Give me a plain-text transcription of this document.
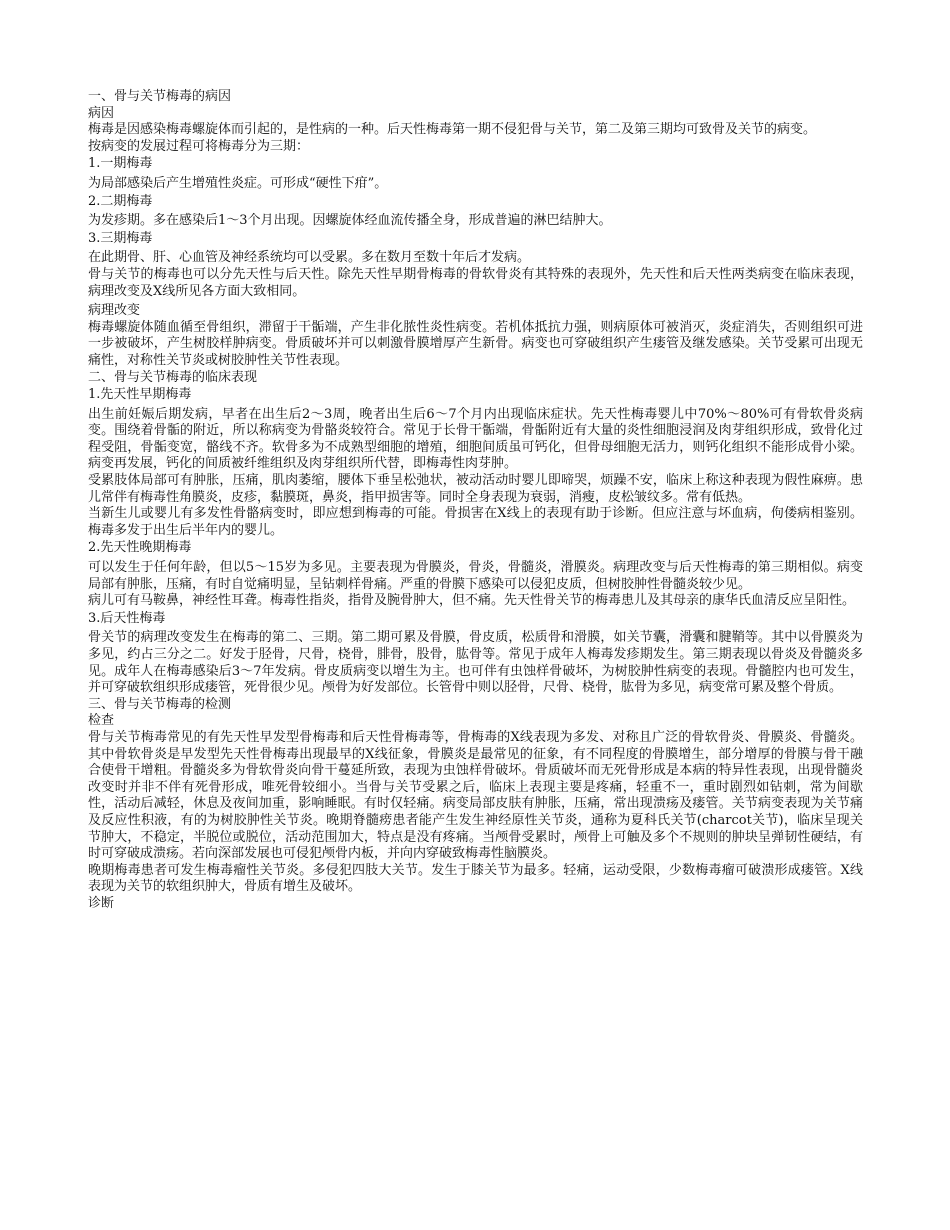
一、骨与关节梅毒的病因

病因

梅毒是因感染梅毒螺旋体而引起的，是性病的一种。后天性梅毒第一期不侵犯骨与关节，第二及第三期均可致骨及关节的病变。

按病变的发展过程可将梅毒分为三期：

1.一期梅毒

为局部感染后产生增殖性炎症。可形成“硬性下疳”。

2.二期梅毒

为发疹期。多在感染后1～3个月出现。因螺旋体经血流传播全身，形成普遍的淋巴结肿大。

3.三期梅毒

在此期骨、肝、心血管及神经系统均可以受累。多在数月至数十年后才发病。

骨与关节的梅毒也可以分先天性与后天性。除先天性早期骨梅毒的骨软骨炎有其特殊的表现外，先天性和后天性两类病变在临床表现，病理改变及X线所见各方面大致相同。

病理改变

梅毒螺旋体随血循至骨组织，滞留于干骺端，产生非化脓性炎性病变。若机体抵抗力强，则病原体可被消灭，炎症消失，否则组织可进一步被破坏，产生树胶样肿病变。骨质破坏并可以刺激骨膜增厚产生新骨。病变也可穿破组织产生瘘管及继发感染。关节受累可出现无痛性，对称性关节炎或树胶肿性关节性表现。

二、骨与关节梅毒的临床表现

1.先天性早期梅毒

出生前妊娠后期发病，早者在出生后2～3周，晚者出生后6～7个月内出现临床症状。先天性梅毒婴儿中70%～80%可有骨软骨炎病变。围绕着骨骺的附近，所以称病变为骨骼炎较符合。常见于长骨干骺端，骨骺附近有大量的炎性细胞浸润及肉芽组织形成，致骨化过程受阻，骨骺变宽，骼线不齐。软骨多为不成熟型细胞的增殖，细胞间质虽可钙化，但骨母细胞无活力，则钙化组织不能形成骨小梁。病变再发展，钙化的间质被纤维组织及肉芽组织所代替，即梅毒性肉芽肿。

受累肢体局部可有肿胀，压痛，肌肉萎缩，腰体下垂呈松弛状，被动活动时婴儿即啼哭，烦躁不安，临床上称这种表现为假性麻痹。患儿常伴有梅毒性角膜炎，皮疹，黏膜斑，鼻炎，指甲损害等。同时全身表现为衰弱，消瘦，皮松皱纹多。常有低热。

当新生儿或婴儿有多发性骨骼病变时，即应想到梅毒的可能。骨损害在X线上的表现有助于诊断。但应注意与坏血病，佝偻病相鉴别。梅毒多发于出生后半年内的婴儿。

2.先天性晚期梅毒

可以发生于任何年龄，但以5～15岁为多见。主要表现为骨膜炎，骨炎，骨髓炎，滑膜炎。病理改变与后天性梅毒的第三期相似。病变局部有肿胀，压痛，有时自觉痛明显，呈钻刺样骨痛。严重的骨膜下感染可以侵犯皮质，但树胶肿性骨髓炎较少见。

病儿可有马鞍鼻，神经性耳聋。梅毒性指炎，指骨及腕骨肿大，但不痛。先天性骨关节的梅毒患儿及其母亲的康华氏血清反应呈阳性。

3.后天性梅毒

骨关节的病理改变发生在梅毒的第二、三期。第二期可累及骨膜，骨皮质，松质骨和滑膜，如关节囊，滑囊和腱鞘等。其中以骨膜炎为多见，约占三分之二。好发于胫骨，尺骨，桡骨，腓骨，股骨，肱骨等。常见于成年人梅毒发疹期发生。第三期表现以骨炎及骨髓炎多见。成年人在梅毒感染后3～7年发病。骨皮质病变以增生为主。也可伴有虫蚀样骨破坏，为树胶肿性病变的表现。骨髓腔内也可发生，并可穿破软组织形成瘘管，死骨很少见。颅骨为好发部位。长管骨中则以胫骨，尺骨、桡骨，肱骨为多见，病变常可累及整个骨质。

三、骨与关节梅毒的检测

检查

骨与关节梅毒常见的有先天性早发型骨梅毒和后天性骨梅毒等，骨梅毒的X线表现为多发、对称且广泛的骨软骨炎、骨膜炎、骨髓炎。其中骨软骨炎是早发型先天性骨梅毒出现最早的X线征象，骨膜炎是最常见的征象，有不同程度的骨膜增生，部分增厚的骨膜与骨干融合使骨干增粗。骨髓炎多为骨软骨炎向骨干蔓延所致，表现为虫蚀样骨破坏。骨质破坏而无死骨形成是本病的特异性表现，出现骨髓炎改变时并非不伴有死骨形成，唯死骨较细小。当骨与关节受累之后，临床上表现主要是疼痛，轻重不一，重时剧烈如钻刺，常为间歇性，活动后减轻，休息及夜间加重，影响睡眠。有时仅轻痛。病变局部皮肤有肿胀，压痛，常出现溃疡及瘘管。关节病变表现为关节痛及反应性积液，有的为树胶肿性关节炎。晚期脊髓痨患者能产生发生神经原性关节炎，通称为夏科氏关节(charcot关节)，临床呈现关节肿大，不稳定，半脱位或脱位，活动范围加大，特点是没有疼痛。当颅骨受累时，颅骨上可触及多个不规则的肿块呈弹韧性硬结，有时可穿破成溃疡。若向深部发展也可侵犯颅骨内板，并向内穿破致梅毒性脑膜炎。

晚期梅毒患者可发生梅毒瘤性关节炎。多侵犯四肢大关节。发生于膝关节为最多。轻痛，运动受限，少数梅毒瘤可破溃形成瘘管。X线表现为关节的软组织肿大，骨质有增生及破坏。

诊断
